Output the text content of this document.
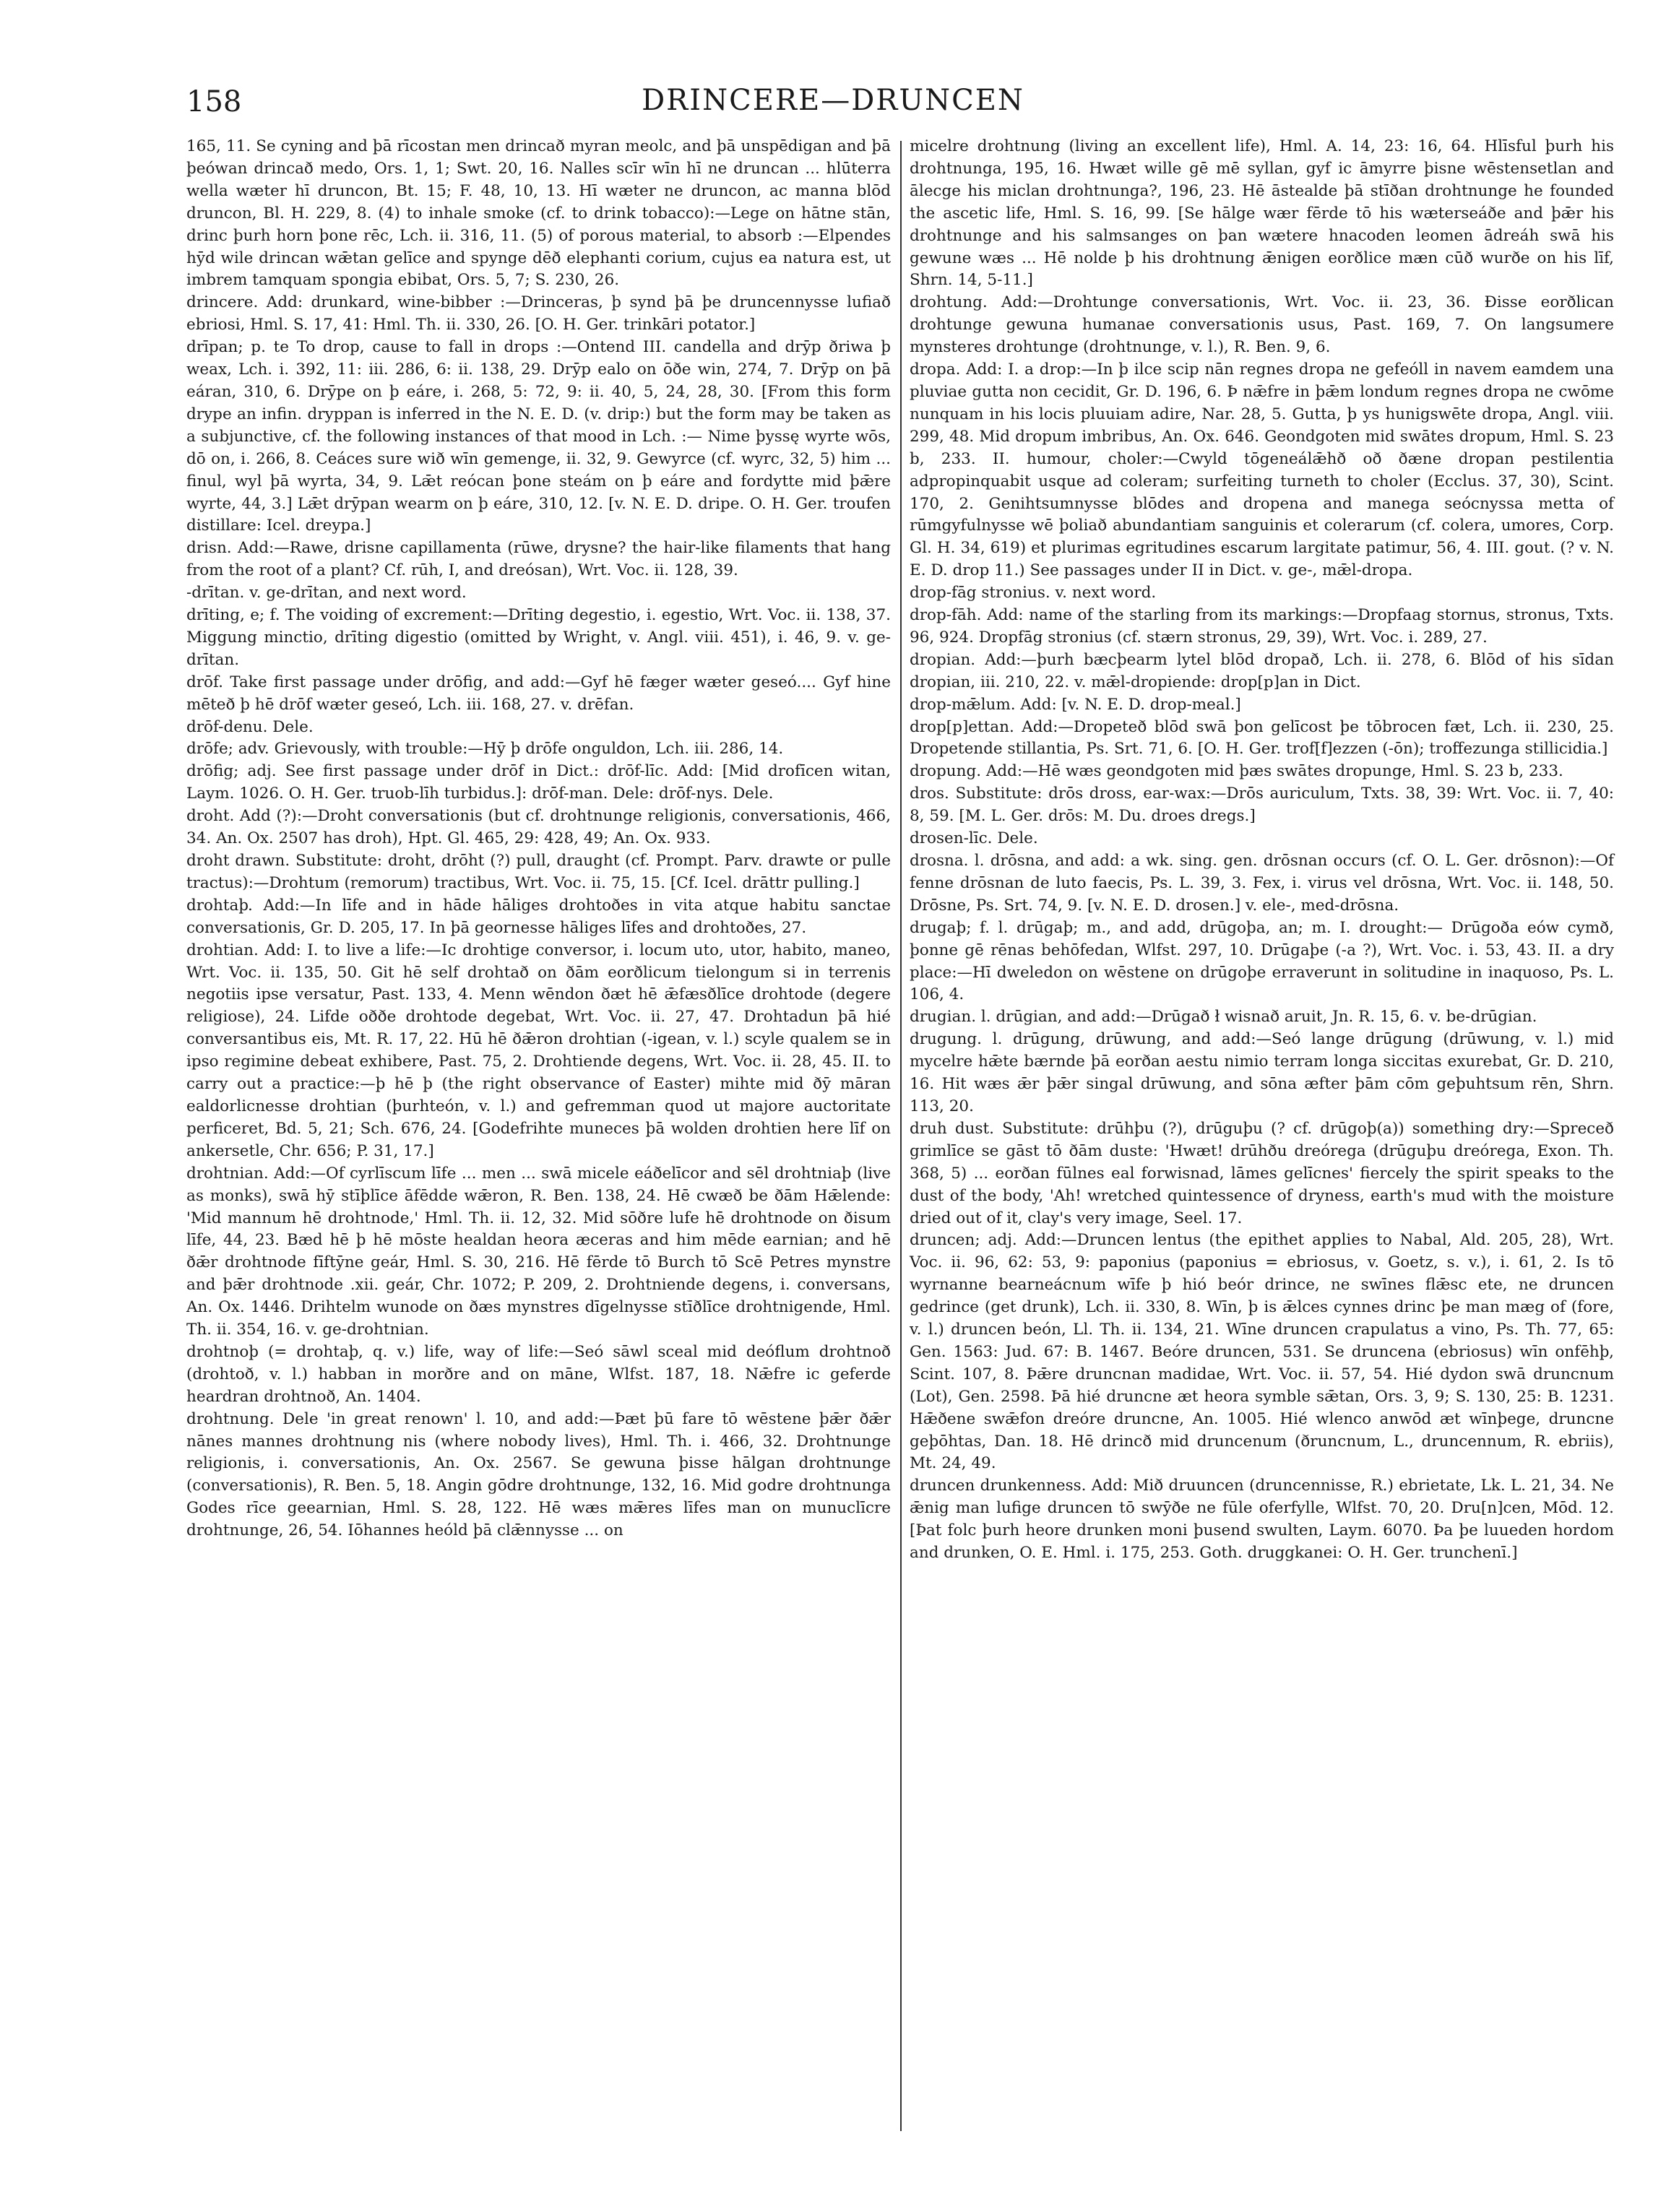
158	DRINCERE—DRUNCEN

165, 11. Se cyning and þā rīcostan men drincað myran meolc, and þā unspēdigan and þā þeówan drincað medo, Ors. 1, 1; Swt. 20, 16. Nalles scīr wīn hī ne druncan ... hlūterra wella wæter hī druncon, Bt. 15; F. 48, 10, 13. Hī wæter ne druncon, ac manna blōd druncon, Bl. H. 229, 8. (4) to inhale smoke (cf. to drink tobacco):—Lege on hātne stān, drinc þurh horn þone rēc, Lch. ii. 316, 11. (5) of porous material, to absorb :—Elpendes hȳd wile drincan wǣtan gelīce and spynge dēð elephanti corium, cujus ea natura est, ut imbrem tamquam spongia ebibat, Ors. 5, 7; S. 230, 26.

drincere. Add: drunkard, wine-bibber :—Drinceras, þ synd þā þe druncennysse lufiað ebriosi, Hml. S. 17, 41: Hml. Th. ii. 330, 26. [O. H. Ger. trinkāri potator.]

drīpan; p. te To drop, cause to fall in drops :—Ontend III. candella and drȳp ðriwa þ weax, Lch. i. 392, 11: iii. 286, 6: ii. 138, 29. Drȳp ealo on ōðe win, 274, 7. Drȳp on þā eáran, 310, 6. Drȳpe on þ eáre, i. 268, 5: 72, 9: ii. 40, 5, 24, 28, 30. [From this form drype an infin. dryppan is inferred in the N. E. D. (v. drip:) but the form may be taken as a subjunctive, cf. the following instances of that mood in Lch. :— Nime þyssę wyrte wōs, dō on, i. 266, 8. Ceáces sure wið wīn gemenge, ii. 32, 9. Gewyrce (cf. wyrc, 32, 5) him ... finul, wyl þā wyrta, 34, 9. Lǣt reócan þone steám on þ eáre and fordytte mid þǣre wyrte, 44, 3.] Lǣt drȳpan wearm on þ eáre, 310, 12. [v. N. E. D. dripe. O. H. Ger. troufen distillare: Icel. dreypa.]

drisn. Add:—Rawe, drisne capillamenta (rūwe, drysne? the hair-like filaments that hang from the root of a plant? Cf. rūh, I, and dreósan), Wrt. Voc. ii. 128, 39.

-drītan. v. ge-drītan, and next word.

drīting, e; f. The voiding of excrement:—Drīting degestio, i. egestio, Wrt. Voc. ii. 138, 37. Miggung minctio, drīting digestio (omitted by Wright, v. Angl. viii. 451), i. 46, 9. v. ge-drītan.

drōf. Take first passage under drōfig, and add:—Gyf hē fæger wæter geseó.... Gyf hine mēteð þ hē drōf wæter geseó, Lch. iii. 168, 27. v. drēfan.

drōf-denu. Dele.

drōfe; adv. Grievously, with trouble:—Hȳ þ drōfe onguldon, Lch. iii. 286, 14.

drōfig; adj. See first passage under drōf in Dict.: drōf-līc. Add: [Mid drofīcen witan, Laym. 1026. O. H. Ger. truob-līh turbidus.]: drōf-man. Dele: drōf-nys. Dele.

droht. Add (?):—Droht conversationis (but cf. drohtnunge religionis, conversationis, 466, 34. An. Ox. 2507 has droh), Hpt. Gl. 465, 29: 428, 49; An. Ox. 933.

droht drawn. Substitute: droht, drōht (?) pull, draught (cf. Prompt. Parv. drawte or pulle tractus):—Drohtum (remorum) tractibus, Wrt. Voc. ii. 75, 15. [Cf. Icel. drāttr pulling.]

drohtaþ. Add:—In līfe and in hāde hāliges drohtoðes in vita atque habitu sanctae conversationis, Gr. D. 205, 17. In þā geornesse hāliges līfes and drohtoðes, 27.

drohtian. Add: I. to live a life:—Ic drohtige conversor, i. locum uto, utor, habito, maneo, Wrt. Voc. ii. 135, 50. Git hē self drohtað on ðām eorðlicum tielongum si in terrenis negotiis ipse versatur, Past. 133, 4. Menn wēndon ðæt hē ǣfæsðlīce drohtode (degere religiose), 24. Lifde oððe drohtode degebat, Wrt. Voc. ii. 27, 47. Drohtadun þā hié conversantibus eis, Mt. R. 17, 22. Hū hē ðǣron drohtian (-igean, v. l.) scyle qualem se in ipso regimine debeat exhibere, Past. 75, 2. Drohtiende degens, Wrt. Voc. ii. 28, 45. II. to carry out a practice:—þ hē þ (the right observance of Easter) mihte mid ðȳ māran ealdorlicnesse drohtian (þurhteón, v. l.) and gefremman quod ut majore auctoritate perficeret, Bd. 5, 21; Sch. 676, 24. [Godefrihte muneces þā wolden drohtien here līf on ankersetle, Chr. 656; P. 31, 17.]

drohtnian. Add:—Of cyrlīscum līfe ... men ... swā micele eáðelīcor and sēl drohtniaþ (live as monks), swā hȳ stīþlīce āfēdde wǣron, R. Ben. 138, 24. Hē cwæð be ðām Hǣlende: 'Mid mannum hē drohtnode,' Hml. Th. ii. 12, 32. Mid sōðre lufe hē drohtnode on ðisum līfe, 44, 23. Bæd hē þ hē mōste healdan heora æceras and him mēde earnian; and hē ðǣr drohtnode fīftȳne geár, Hml. S. 30, 216. Hē fērde tō Burch tō Scē Petres mynstre and þǣr drohtnode .xii. geár, Chr. 1072; P. 209, 2. Drohtniende degens, i. conversans, An. Ox. 1446. Drihtelm wunode on ðæs mynstres dīgelnysse stīðlīce drohtnigende, Hml. Th. ii. 354, 16. v. ge-drohtnian.

drohtnoþ (= drohtaþ, q. v.) life, way of life:—Seó sāwl sceal mid deóflum drohtnoð (drohtoð, v. l.) habban in morðre and on māne, Wlfst. 187, 18. Nǣfre ic geferde heardran drohtnoð, An. 1404.

drohtnung. Dele 'in great renown' l. 10, and add:—Þæt þū fare tō wēstene þǣr ðǣr nānes mannes drohtnung nis (where nobody lives), Hml. Th. i. 466, 32. Drohtnunge religionis, i. conversationis, An. Ox. 2567. Se gewuna þisse hālgan drohtnunge (conversationis), R. Ben. 5, 18. Angin gōdre drohtnunge, 132, 16. Mid godre drohtnunga Godes rīce geearnian, Hml. S. 28, 122. Hē wæs mǣres līfes man on munuclīcre drohtnunge, 26, 54. Iōhannes heóld þā clǣnnysse ... on

micelre drohtnung (living an excellent life), Hml. A. 14, 23: 16, 64. Hlīsful þurh his drohtnunga, 195, 16. Hwæt wille gē mē syllan, gyf ic āmyrre þisne wēstensetlan and ālecge his miclan drohtnunga?, 196, 23. Hē āstealde þā stīðan drohtnunge he founded the ascetic life, Hml. S. 16, 99. [Se hālge wær fērde tō his wæterseáðe and þǣr his drohtnunge and his salmsanges on þan wætere hnacoden leomen ādreáh swā his gewune wæs ... Hē nolde þ his drohtnung ǣnigen eorðlice mæn cūð wurðe on his līf, Shrn. 14, 5-11.]

drohtung. Add:—Drohtunge conversationis, Wrt. Voc. ii. 23, 36. Ðisse eorðlican drohtunge gewuna humanae conversationis usus, Past. 169, 7. On langsumere mynsteres drohtunge (drohtnunge, v. l.), R. Ben. 9, 6.

dropa. Add: I. a drop:—In þ ilce scip nān regnes dropa ne gefeóll in navem eamdem una pluviae gutta non cecidit, Gr. D. 196, 6. Þ nǣfre in þǣm londum regnes dropa ne cwōme nunquam in his locis pluuiam adire, Nar. 28, 5. Gutta, þ ys hunigswēte dropa, Angl. viii. 299, 48. Mid dropum imbribus, An. Ox. 646. Geondgoten mid swātes dropum, Hml. S. 23 b, 233. II. humour, choler:—Cwyld tōgeneálǣhð oð ðæne dropan pestilentia adpropinquabit usque ad coleram; surfeiting turneth to choler (Ecclus. 37, 30), Scint. 170, 2. Genihtsumnysse blōdes and dropena and manega seócnyssa metta of rūmgyfulnysse wē þoliað abundantiam sanguinis et colerarum (cf. colera, umores, Corp. Gl. H. 34, 619) et plurimas egritudines escarum largitate patimur, 56, 4. III. gout. (? v. N. E. D. drop 11.) See passages under II in Dict. v. ge-, mǣl-dropa.

drop-fāg stronius. v. next word.

drop-fāh. Add: name of the starling from its markings:—Dropfaag stornus, stronus, Txts. 96, 924. Dropfāg stronius (cf. stærn stronus, 29, 39), Wrt. Voc. i. 289, 27.

dropian. Add:—þurh bæcþearm lytel blōd dropað, Lch. ii. 278, 6. Blōd of his sīdan dropian, iii. 210, 22. v. mǣl-dropiende: drop[p]an in Dict.

drop-mǣlum. Add: [v. N. E. D. drop-meal.]

drop[p]ettan. Add:—Dropeteð blōd swā þon gelīcost þe tōbrocen fæt, Lch. ii. 230, 25. Dropetende stillantia, Ps. Srt. 71, 6. [O. H. Ger. trof[f]ezzen (-ōn); troffezunga stillicidia.]

dropung. Add:—Hē wæs geondgoten mid þæs swātes dropunge, Hml. S. 23 b, 233.

dros. Substitute: drōs dross, ear-wax:—Drōs auriculum, Txts. 38, 39: Wrt. Voc. ii. 7, 40: 8, 59. [M. L. Ger. drōs: M. Du. droes dregs.]

drosen-līc. Dele.

drosna. l. drōsna, and add: a wk. sing. gen. drōsnan occurs (cf. O. L. Ger. drōsnon):—Of fenne drōsnan de luto faecis, Ps. L. 39, 3. Fex, i. virus vel drōsna, Wrt. Voc. ii. 148, 50. Drōsne, Ps. Srt. 74, 9. [v. N. E. D. drosen.] v. ele-, med-drōsna.

drugaþ; f. l. drūgaþ; m., and add, drūgoþa, an; m. I. drought:— Drūgoða eów cymð, þonne gē rēnas behōfedan, Wlfst. 297, 10. Drūgaþe (-a ?), Wrt. Voc. i. 53, 43. II. a dry place:—Hī dweledon on wēstene on drūgoþe erraverunt in solitudine in inaquoso, Ps. L. 106, 4.

drugian. l. drūgian, and add:—Drūgað ł wisnað aruit, Jn. R. 15, 6. v. be-drūgian.

drugung. l. drūgung, drūwung, and add:—Seó lange drūgung (drūwung, v. l.) mid mycelre hǣte bærnde þā eorðan aestu nimio terram longa siccitas exurebat, Gr. D. 210, 16. Hit wæs ǣr þǣr singal drūwung, and sōna æfter þām cōm geþuhtsum rēn, Shrn. 113, 20.

druh dust. Substitute: drūhþu (?), drūguþu (? cf. drūgoþ(a)) something dry:—Spreceð grimlīce se gāst tō ðām duste: 'Hwæt! drūhðu dreórega (drūguþu dreórega, Exon. Th. 368, 5) ... eorðan fūlnes eal forwisnad, lāmes gelīcnes' fiercely the spirit speaks to the dust of the body, 'Ah! wretched quintessence of dryness, earth's mud with the moisture dried out of it, clay's very image, Seel. 17.

druncen; adj. Add:—Druncen lentus (the epithet applies to Nabal, Ald. 205, 28), Wrt. Voc. ii. 96, 62: 53, 9: paponius (paponius = ebriosus, v. Goetz, s. v.), i. 61, 2. Is tō wyrnanne bearneácnum wīfe þ hió beór drince, ne swīnes flǣsc ete, ne druncen gedrince (get drunk), Lch. ii. 330, 8. Wīn, þ is ǣlces cynnes drinc þe man mæg of (fore, v. l.) druncen beón, Ll. Th. ii. 134, 21. Wīne druncen crapulatus a vino, Ps. Th. 77, 65: Gen. 1563: Jud. 67: B. 1467. Beóre druncen, 531. Se druncena (ebriosus) wīn onfēhþ, Scint. 107, 8. Þǣre druncnan madidae, Wrt. Voc. ii. 57, 54. Hié dydon swā druncnum (Lot), Gen. 2598. Þā hié druncne æt heora symble sǣtan, Ors. 3, 9; S. 130, 25: B. 1231. Hǣðene swǣfon dreóre druncne, An. 1005. Hié wlenco anwōd æt wīnþege, druncne geþōhtas, Dan. 18. Hē drincð mid druncenum (ðruncnum, L., druncennum, R. ebriis), Mt. 24, 49.

druncen drunkenness. Add: Mið druuncen (druncennisse, R.) ebrietate, Lk. L. 21, 34. Ne ǣnig man lufige druncen tō swȳðe ne fūle oferfylle, Wlfst. 70, 20. Dru[n]cen, Mōd. 12. [Þat folc þurh heore drunken moni þusend swulten, Laym. 6070. Þa þe luueden hordom and drunken, O. E. Hml. i. 175, 253. Goth. druggkanei: O. H. Ger. trunchenī.]
